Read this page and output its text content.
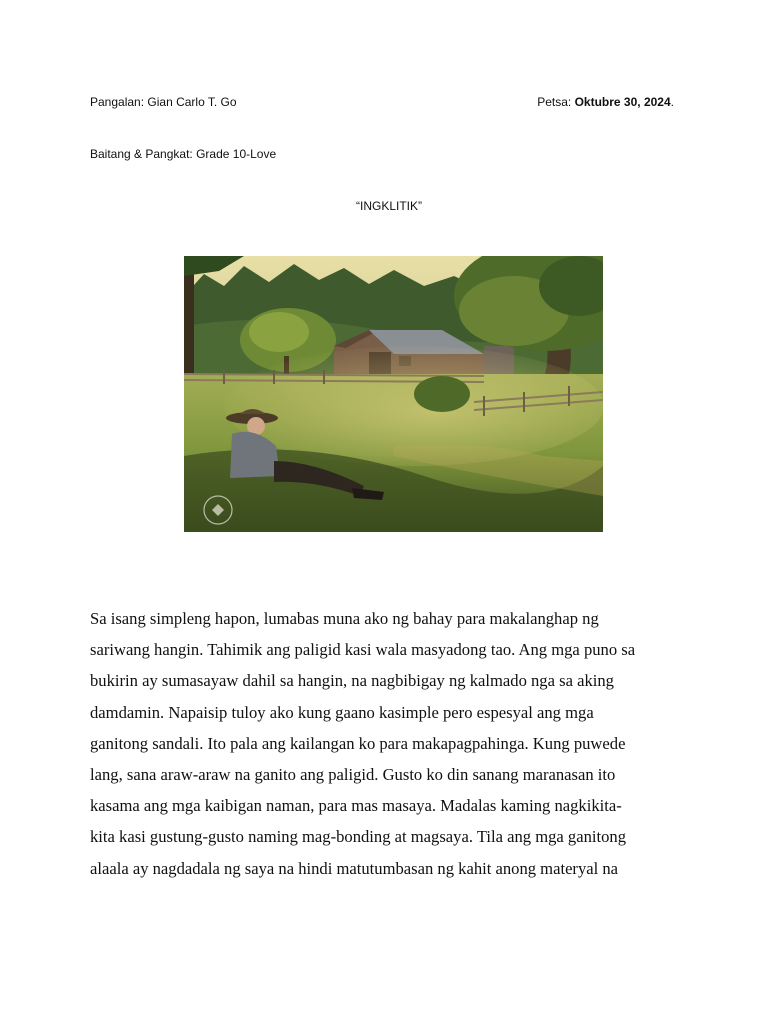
Pangalan: Gian Carlo T. Go	Petsa: Oktubre 30, 2024.
Baitang & Pangkat: Grade 10-Love
“INGKLITIK”
Sa isang simpleng hapon, lumabas muna ako ng bahay para makalanghap ng
sariwang hangin. Tahimik ang paligid kasi wala masyadong tao. Ang mga puno sa
bukirin ay sumasayaw dahil sa hangin, na nagbibigay ng kalmado nga sa aking
damdamin. Napaisip tuloy ako kung gaano kasimple pero espesyal ang mga
ganitong sandali. Ito pala ang kailangan ko para makapagpahinga. Kung puwede
lang, sana araw-araw na ganito ang paligid. Gusto ko din sanang maranasan ito
kasama ang mga kaibigan naman, para mas masaya. Madalas kaming nagkikita-
kita kasi gustung-gusto naming mag-bonding at magsaya. Tila ang mga ganitong
alaala ay nagdadala ng saya na hindi matutumbasan ng kahit anong materyal na
